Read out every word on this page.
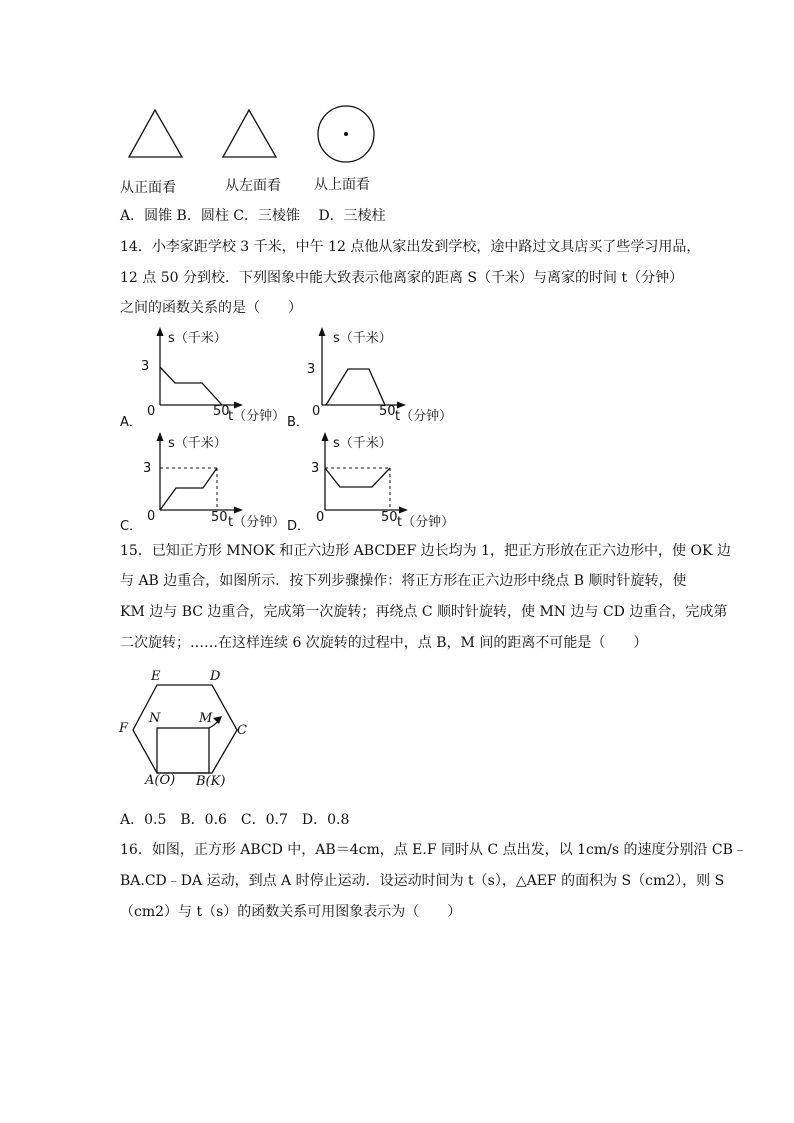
从正面看	从左面看 从上面看
A．圆锥 B．圆柱 C．三棱锥　 D．三棱柱
14．小李家距学校 3 千米，中午 12 点他从家出发到学校，途中路过文具店买了些学习用品，
12 点 50 分到校．下列图象中能大致表示他离家的距离 S（千米）与离家的时间 t（分钟）
之间的函数关系的是（　　）
s（千米）
3
0	50
t（分钟）
A．
s（千米）
3
0	50 t（分钟）
B．
s（千米）
3
0	50 t（分钟）
C．
s（千米）
3
0	50 t（分钟）
D．
15．已知正方形 MNOK 和正六边形 ABCDEF 边长均为 1，把正方形放在正六边形中，使 OK 边
与 AB 边重合，如图所示．按下列步骤操作：将正方形在正六边形中绕点 B 顺时针旋转，使
KM 边与 BC 边重合，完成第一次旋转；再绕点 C 顺时针旋转，使 MN 边与 CD 边重合，完成第
二次旋转；……在这样连续 6 次旋转的过程中，点 B，M 间的距离不可能是（　　）
E	D
F	C
N	M
A(O) B(K)
A．0.5　B．0.6　C．0.7　D．0.8
16．如图，正方形 ABCD 中，AB＝4cm，点 E.F 同时从 C 点出发，以 1cm/s 的速度分别沿 CB﹣
BA.CD﹣DA 运动，到点 A 时停止运动．设运动时间为 t（s），△AEF 的面积为 S（cm2），则 S
（cm2）与 t（s）的函数关系可用图象表示为（　　）
